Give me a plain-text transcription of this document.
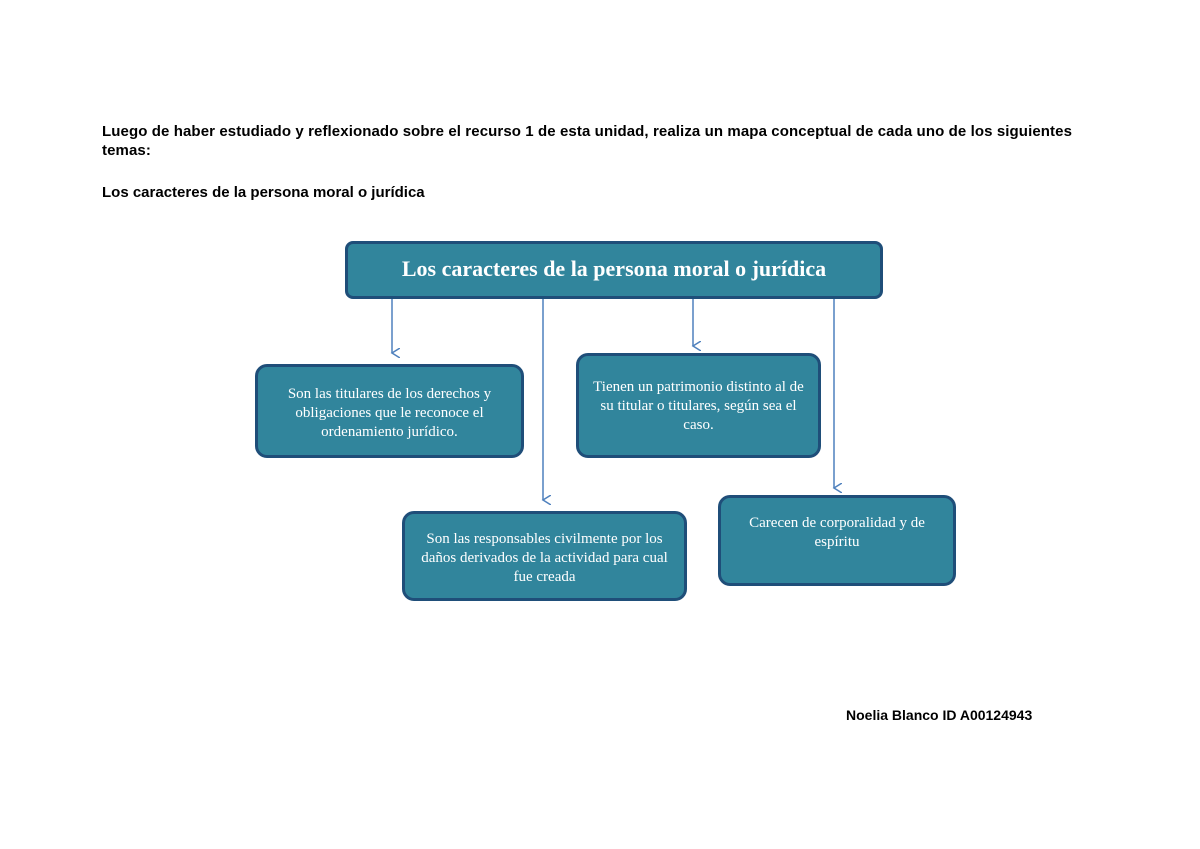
Luego de haber estudiado y reflexionado sobre el recurso 1 de esta unidad, realiza un mapa conceptual de cada uno de los siguientes temas:

Los caracteres de la persona moral o jurídica
Los caracteres de la persona moral o jurídica
Son las titulares de los derechos y obligaciones que le reconoce el ordenamiento jurídico.
Tienen un patrimonio distinto al de su titular o titulares, según sea el caso.
Son las responsables civilmente por los daños derivados de la actividad para cual fue creada
Carecen de corporalidad y de espíritu
Noelia Blanco ID A00124943
